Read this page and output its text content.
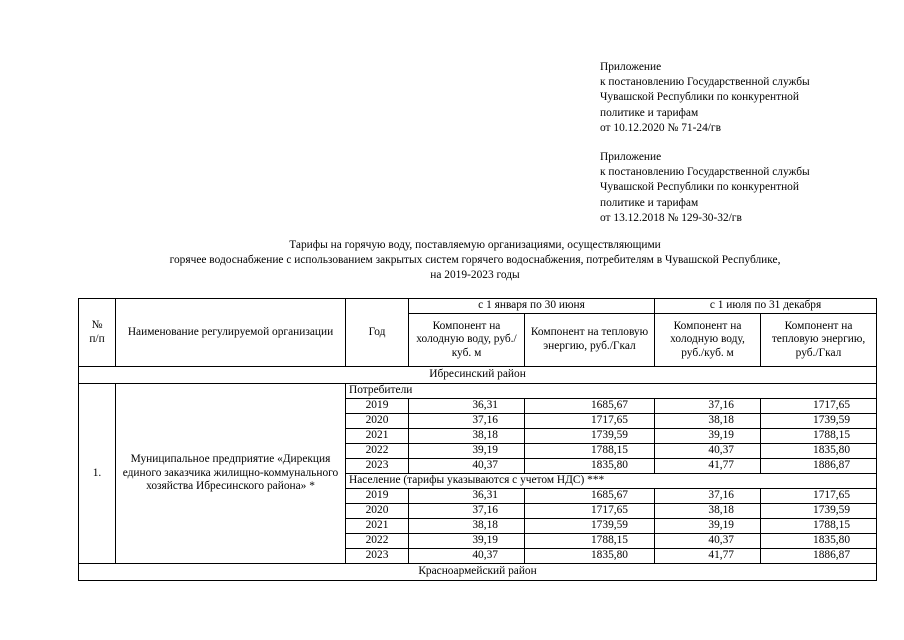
Приложение
к постановлению Государственной службы
Чувашской Республики по конкурентной
политике и тарифам
от 10.12.2020 № 71-24/гв
Приложение
к постановлению Государственной службы
Чувашской Республики по конкурентной
политике и тарифам
от 13.12.2018 № 129-30-32/гв
Тарифы на горячую воду, поставляемую организациями, осуществляющими
горячее водоснабжение с использованием закрытых систем горячего водоснабжения, потребителям в Чувашской Республике,
на 2019-2023 годы
№
п/п	Наименование регулируемой организации	Год	с 1 января по 30 июня		с 1 июля по 31 декабря	
			Компонент на холодную воду, руб./куб. м	Компонент на тепловую энергию, руб./Гкал	Компонент на холодную воду, руб./куб. м	Компонент на тепловую энергию, руб./Гкал
Ибресинский район						
1.	Муниципальное предприятие «Дирекция единого заказчика жилищно-коммунального хозяйства Ибресинского района» *	Потребители				
		2019	36,31	1685,67	37,16	1717,65
		2020	37,16	1717,65	38,18	1739,59
		2021	38,18	1739,59	39,19	1788,15
		2022	39,19	1788,15	40,37	1835,80
		2023	40,37	1835,80	41,77	1886,87
		Население (тарифы указываются с учетом НДС) ***				
		2019	36,31	1685,67	37,16	1717,65
		2020	37,16	1717,65	38,18	1739,59
		2021	38,18	1739,59	39,19	1788,15
		2022	39,19	1788,15	40,37	1835,80
		2023	40,37	1835,80	41,77	1886,87
Красноармейский район						
